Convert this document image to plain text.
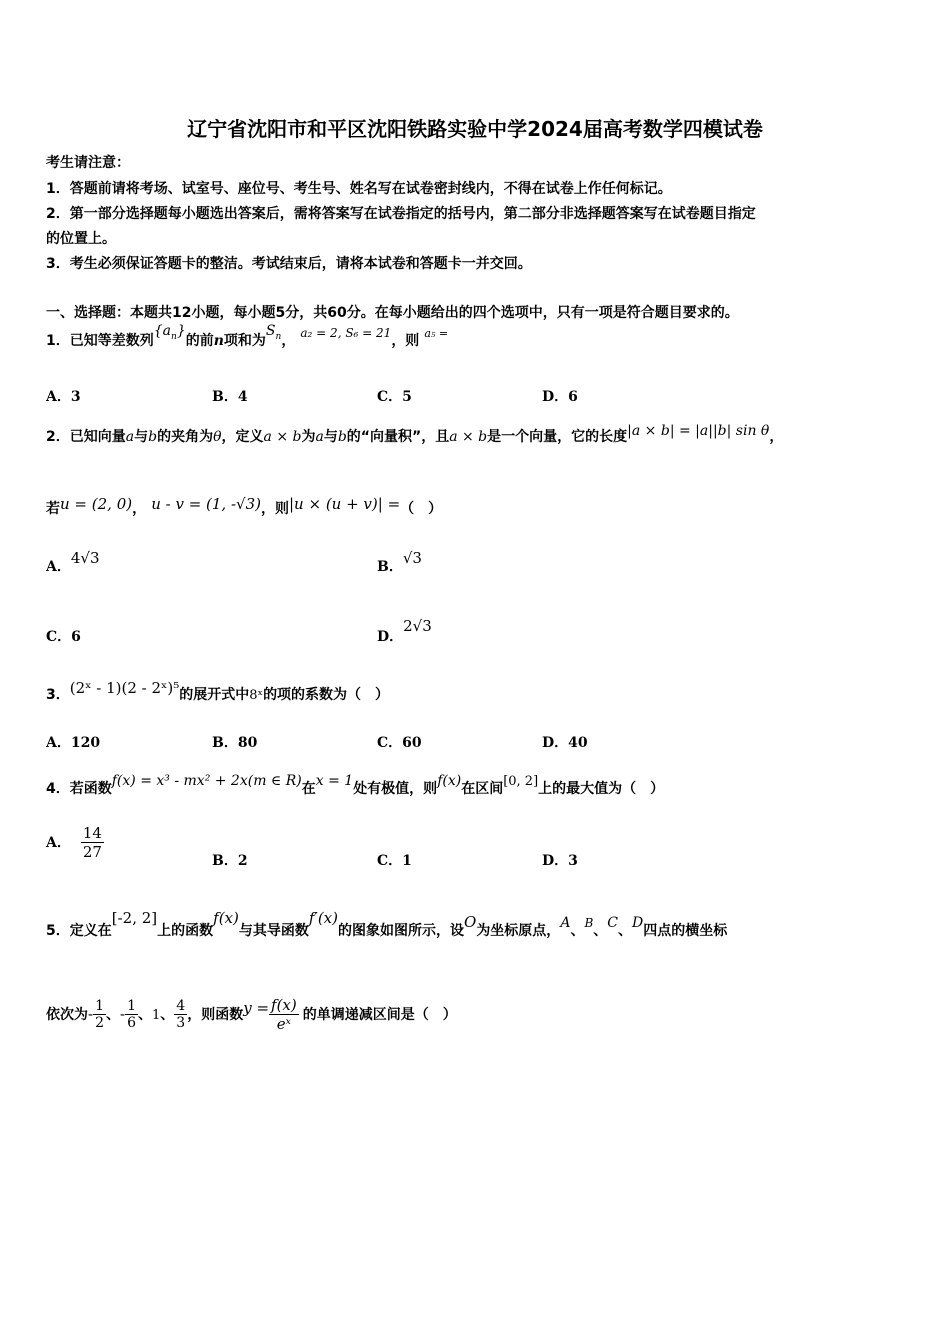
辽宁省沈阳市和平区沈阳铁路实验中学2024届高考数学四模试卷
考生请注意：
1．答题前请将考场、试室号、座位号、考生号、姓名写在试卷密封线内，不得在试卷上作任何标记。
2．第一部分选择题每小题选出答案后，需将答案写在试卷指定的括号内，第二部分非选择题答案写在试卷题目指定
的位置上。
3．考生必须保证答题卡的整洁。考试结束后，请将本试卷和答题卡一并交回。
一、选择题：本题共12小题，每小题5分，共60分。在每小题给出的四个选项中，只有一项是符合题目要求的。
1．已知等差数列$\{a_n\}$的前n项和为$S_n$， $^{a_2 = 2, S_6 = 21}$，则 $^{a_5 =}$
A．3	B．4	C．5	D．6
2．已知向量a与b的夹角为θ，定义a × b为a与b的“向量积”，且a × b是一个向量，它的长度|a × b| = |a||b| sin θ，
若u = (2, 0)， u - v = (1, -√3)，则|u × (u + v)| =（　）
A．4√3	B．√3
C．6	D．2√3
3．(2ˣ - 1)(2 - 2ˣ)⁵的展开式中$_{8ˣ}$的项的系数为（　）
A．120	B．80	C．60	D．40
4．若函数f(x) = x³ - mx² + 2x(m ∈ R)在x = 1处有极值，则f(x)在区间[0, 2]上的最大值为（　）
A． $\frac{14}{27}$	B．2	C．1	D．3
5．定义在[-2, 2]上的函数f(x)与其导函数f′(x)的图象如图所示，设O为坐标原点，A、$_B$、C、D四点的横坐标
依次为- $\frac{1}{2}$ 、- $\frac{1}{6}$ 、1、 $\frac{4}{3}$ ，则函数$y = \frac{f(x)}{\text{eˣ}}$ 的单调递减区间是（　）
